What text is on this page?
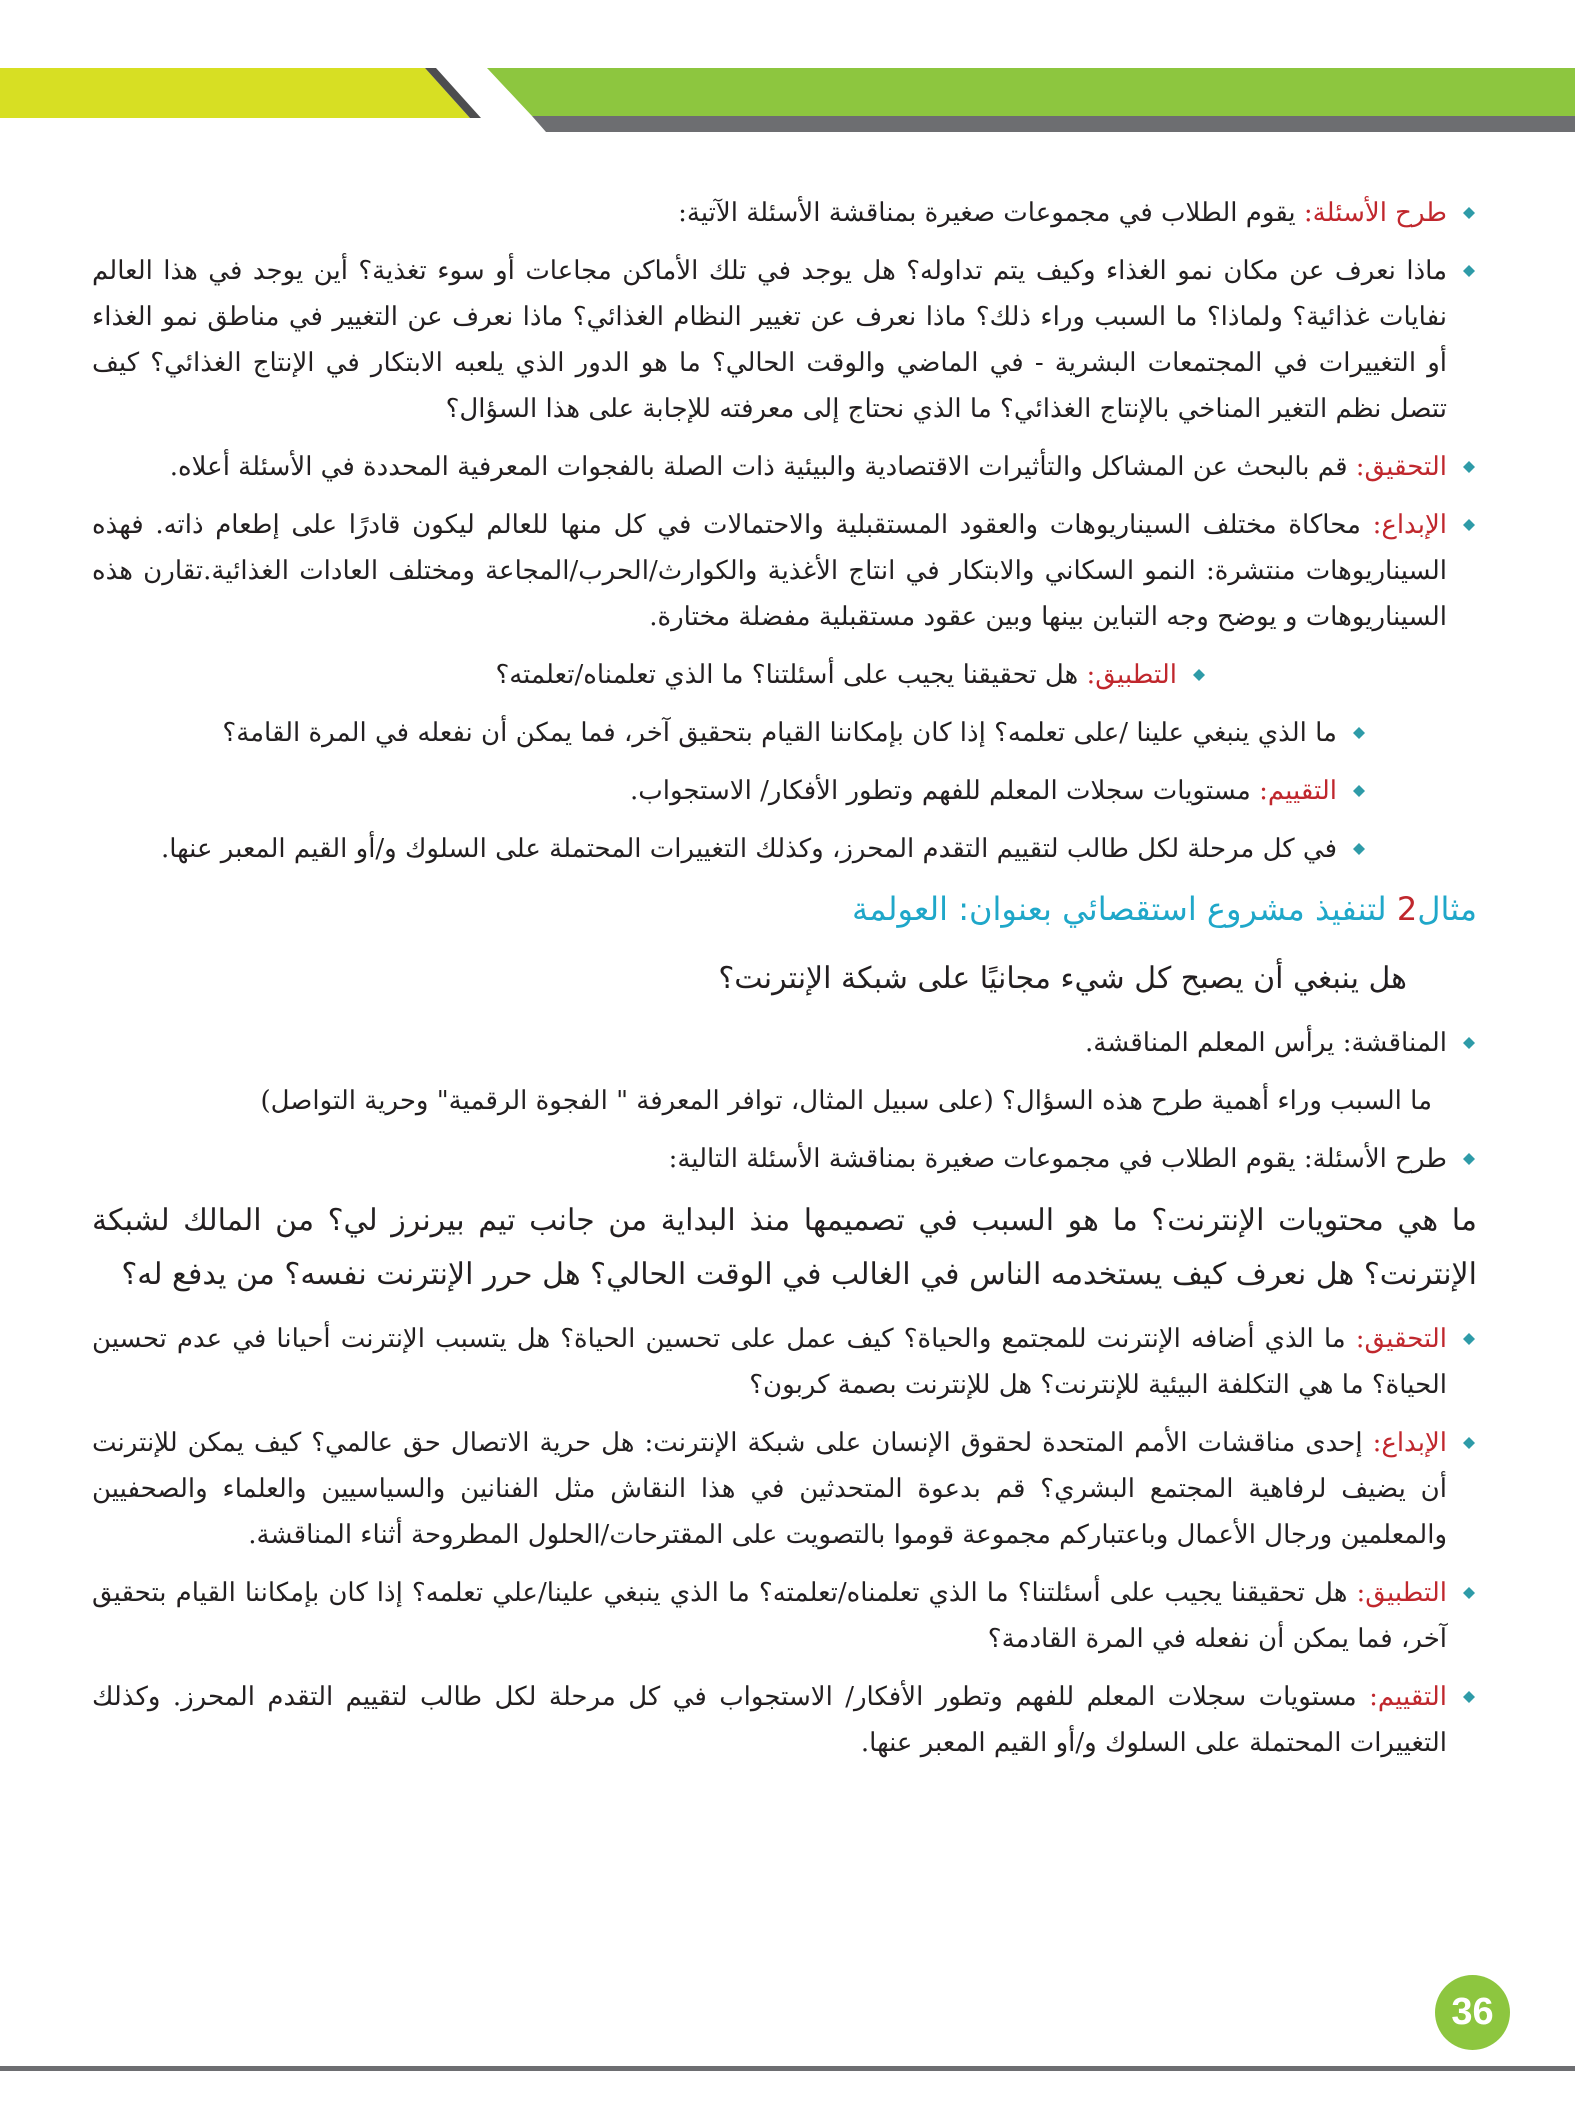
طرح الأسئلة: يقوم الطلاب في مجموعات صغيرة بمناقشة الأسئلة الآتية:
ماذا نعرف عن مكان نمو الغذاء وكيف يتم تداوله؟ هل يوجد في تلك الأماكن مجاعات أو سوء تغذية؟ أين يوجد في هذا العالم نفايات غذائية؟ ولماذا؟ ما السبب وراء ذلك؟ ماذا نعرف عن تغيير النظام الغذائي؟ ماذا نعرف عن التغيير في مناطق نمو الغذاء أو التغييرات في المجتمعات البشرية - في الماضي والوقت الحالي؟ ما هو الدور الذي يلعبه الابتكار في الإنتاج الغذائي؟ كيف تتصل نظم التغير المناخي بالإنتاج الغذائي؟ ما الذي نحتاج إلى معرفته للإجابة على هذا السؤال؟
التحقيق: قم بالبحث عن المشاكل والتأثيرات الاقتصادية والبيئية ذات الصلة بالفجوات المعرفية المحددة في الأسئلة أعلاه.
الإبداع: محاكاة مختلف السيناريوهات والعقود المستقبلية والاحتمالات في كل منها للعالم ليكون قادرًا على إطعام ذاته. فهذه السيناريوهات منتشرة: النمو السكاني والابتكار في انتاج الأغذية والكوارث/الحرب/المجاعة ومختلف العادات الغذائية.تقارن هذه السيناريوهات و يوضح وجه التباين بينها وبين عقود مستقبلية مفضلة مختارة.
التطبيق: هل تحقيقنا يجيب على أسئلتنا؟ ما الذي تعلمناه/تعلمته؟
ما الذي ينبغي علينا /على تعلمه؟ إذا كان بإمكاننا القيام بتحقيق آخر، فما يمكن أن نفعله في المرة القامة؟
التقييم: مستويات سجلات المعلم للفهم وتطور الأفكار/ الاستجواب.
في كل مرحلة لكل طالب لتقييم التقدم المحرز، وكذلك التغييرات المحتملة على السلوك و/أو القيم المعبر عنها.
مثال2 لتنفيذ مشروع استقصائي بعنوان: العولمة
هل ينبغي أن يصبح كل شيء مجانيًا على شبكة الإنترنت؟
المناقشة: يرأس المعلم المناقشة.
ما السبب وراء أهمية طرح هذه السؤال؟ (على سبيل المثال، توافر المعرفة " الفجوة الرقمية" وحرية التواصل)
طرح الأسئلة: يقوم الطلاب في مجموعات صغيرة بمناقشة الأسئلة التالية:
ما هي محتويات الإنترنت؟ ما هو السبب في تصميمها منذ البداية من جانب تيم بيرنرز لي؟ من المالك لشبكة الإنترنت؟ هل نعرف كيف يستخدمه الناس في الغالب في الوقت الحالي؟ هل حرر الإنترنت نفسه؟ من يدفع له؟
التحقيق: ما الذي أضافه الإنترنت للمجتمع والحياة؟ كيف عمل على تحسين الحياة؟ هل يتسبب الإنترنت أحيانا في عدم تحسين الحياة؟ ما هي التكلفة البيئية للإنترنت؟ هل للإنترنت بصمة كربون؟
الإبداع: إحدى مناقشات الأمم المتحدة لحقوق الإنسان على شبكة الإنترنت: هل حرية الاتصال حق عالمي؟ كيف يمكن للإنترنت أن يضيف لرفاهية المجتمع البشري؟ قم بدعوة المتحدثين في هذا النقاش مثل الفنانين والسياسيين والعلماء والصحفيين والمعلمين ورجال الأعمال وباعتباركم مجموعة قوموا بالتصويت على المقترحات/الحلول المطروحة أثناء المناقشة.
التطبيق: هل تحقيقنا يجيب على أسئلتنا؟ ما الذي تعلمناه/تعلمته؟ ما الذي ينبغي علينا/علي تعلمه؟ إذا كان بإمكاننا القيام بتحقيق آخر، فما يمكن أن نفعله في المرة القادمة؟
التقييم: مستويات سجلات المعلم للفهم وتطور الأفكار/ الاستجواب في كل مرحلة لكل طالب لتقييم التقدم المحرز. وكذلك التغييرات المحتملة على السلوك و/أو القيم المعبر عنها.
36
